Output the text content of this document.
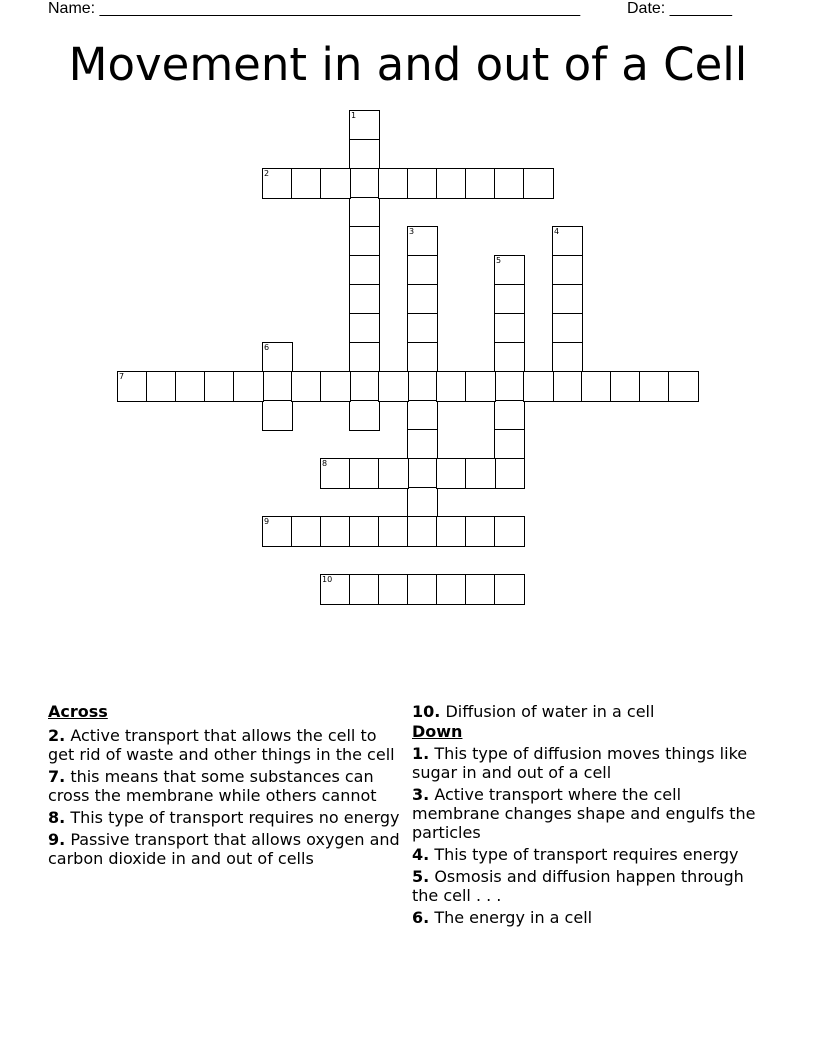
Name: ______________________________________________________	Date: _______
Movement in and out of a Cell
1
2
3	4
5
6
7
8
9
10
Across
2. Active transport that allows the cell to get rid of waste and other things in the cell
7. this means that some substances can cross the membrane while others cannot
8. This type of transport requires no energy
9. Passive transport that allows oxygen and carbon dioxide in and out of cells
10. Diffusion of water in a cell
Down
1. This type of diffusion moves things like sugar in and out of a cell
3. Active transport where the cell membrane changes shape and engulfs the particles
4. This type of transport requires energy
5. Osmosis and diffusion happen through the cell . . .
6. The energy in a cell
